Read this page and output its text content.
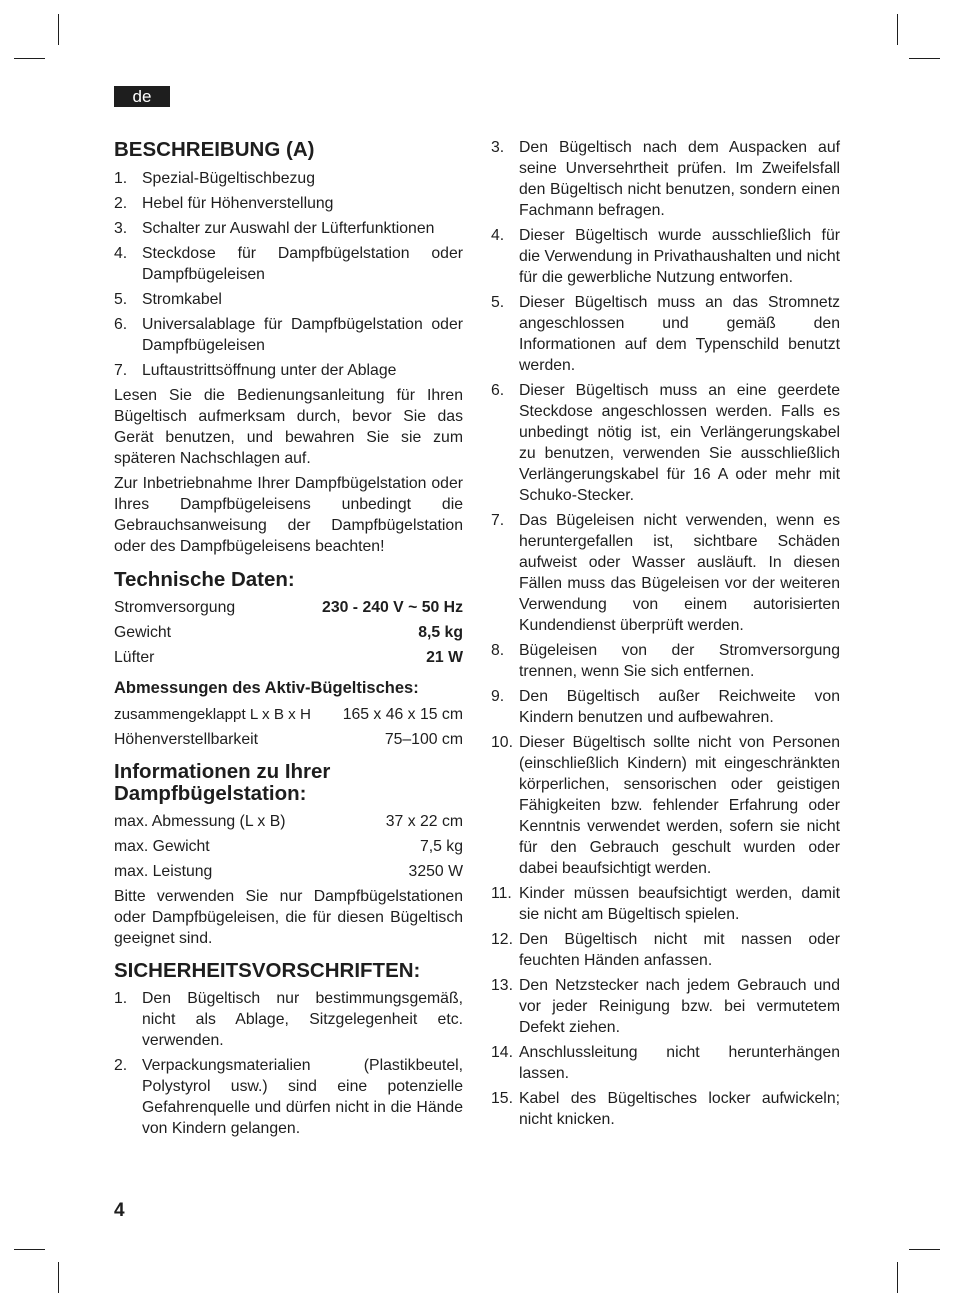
de
BESCHREIBUNG (A)
1. Spezial-Bügeltischbezug
2. Hebel für Höhenverstellung
3. Schalter zur Auswahl der Lüfterfunktionen
4. Steckdose für Dampfbügelstation oder Dampfbügeleisen
5. Stromkabel
6. Universalablage für Dampfbügelstation oder Dampfbügeleisen
7. Luftaustrittsöffnung unter der Ablage

Lesen Sie die Bedienungsanleitung für Ihren Bügeltisch aufmerksam durch, bevor Sie das Gerät benutzen, und bewahren Sie sie zum späteren Nachschlagen auf.

Zur Inbetriebnahme Ihrer Dampfbügelstation oder Ihres Dampfbügeleisens unbedingt die Gebrauchsanweisung der Dampfbügelstation oder des Dampfbügeleisens beachten!

Technische Daten:
Stromversorgung	230 - 240 V ~ 50 Hz
Gewicht	8,5 kg
Lüfter	21 W
Abmessungen des Aktiv-Bügeltisches:
zusammengeklappt L x B x H 165 x 46 x 15 cm
Höhenverstellbarkeit	75–100 cm
Informationen zu Ihrer
Dampfbügelstation:
max. Abmessung (L x B)	37 x 22 cm
max. Gewicht	7,5 kg
max. Leistung	3250 W

Bitte verwenden Sie nur Dampfbügelstationen oder Dampfbügeleisen, die für diesen Bügeltisch geeignet sind.

SICHERHEITSVORSCHRIFTEN:
1. Den Bügeltisch nur bestimmungsgemäß, nicht als Ablage, Sitzgelegenheit etc. verwenden.
2. Verpackungsmaterialien (Plastikbeutel, Polystyrol usw.) sind eine potenzielle Gefahrenquelle und dürfen nicht in die Hände von Kindern gelangen.
3. Den Bügeltisch nach dem Auspacken auf seine Unversehrtheit prüfen. Im Zweifelsfall den Bügeltisch nicht benutzen, sondern einen Fachmann befragen.
4. Dieser Bügeltisch wurde ausschließlich für die Verwendung in Privathaushalten und nicht für die gewerbliche Nutzung entworfen.
5. Dieser Bügeltisch muss an das Stromnetz angeschlossen und gemäß den Informationen auf dem Typenschild benutzt werden.
6. Dieser Bügeltisch muss an eine geerdete Steckdose angeschlossen werden. Falls es unbedingt nötig ist, ein Verlängerungskabel zu benutzen, verwenden Sie ausschließlich Verlängerungskabel für 16 A oder mehr mit Schuko-Stecker.
7. Das Bügeleisen nicht verwenden, wenn es heruntergefallen ist, sichtbare Schäden aufweist oder Wasser ausläuft. In diesen Fällen muss das Bügeleisen vor der weiteren Verwendung von einem autorisierten Kundendienst überprüft werden.
8. Bügeleisen von der Stromversorgung trennen, wenn Sie sich entfernen.
9. Den Bügeltisch außer Reichweite von Kindern benutzen und aufbewahren.
10. Dieser Bügeltisch sollte nicht von Personen (einschließlich Kindern) mit eingeschränkten körperlichen, sensorischen oder geistigen Fähigkeiten bzw. fehlender Erfahrung oder Kenntnis verwendet werden, sofern sie nicht für den Gebrauch geschult wurden oder dabei beaufsichtigt werden.
11. Kinder müssen beaufsichtigt werden, damit sie nicht am Bügeltisch spielen.
12. Den Bügeltisch nicht mit nassen oder feuchten Händen anfassen.
13. Den Netzstecker nach jedem Gebrauch und vor jeder Reinigung bzw. bei vermutetem Defekt ziehen.
14. Anschlussleitung nicht herunterhängen lassen.
15. Kabel des Bügeltisches locker aufwickeln; nicht knicken.
4
